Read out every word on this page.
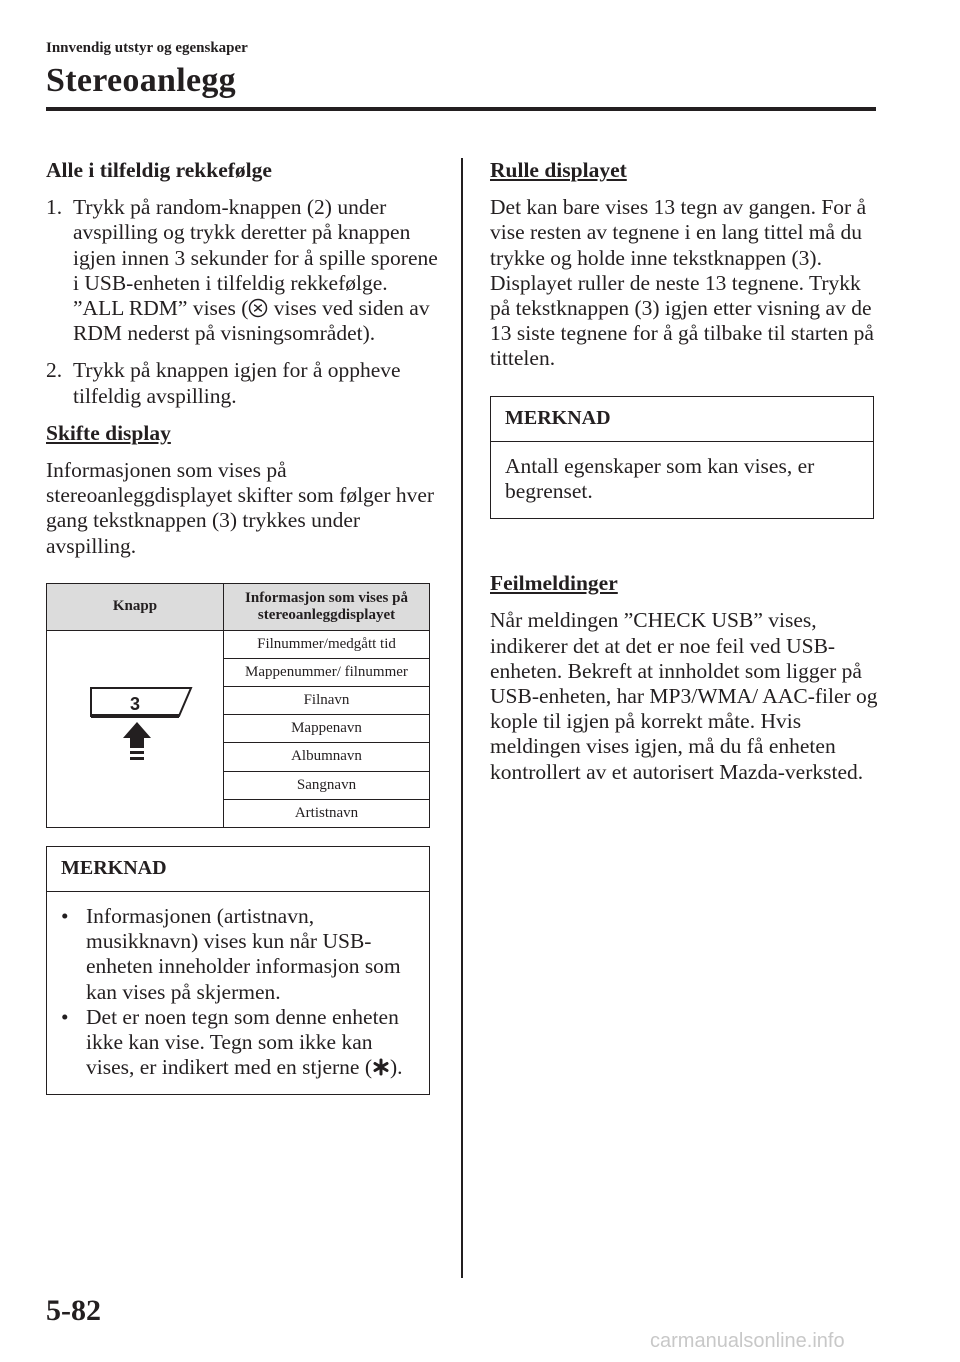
Innvendig utstyr og egenskaper
Stereoanlegg
Alle i tilfeldig rekkefølge
1. Trykk på random-knappen (2) under avspilling og trykk deretter på knappen igjen innen 3 sekunder for å spille sporene i USB-enheten i tilfeldig rekkefølge. ”ALL RDM” vises ( vises ved siden av RDM nederst på visningsområdet).
2. Trykk på knappen igjen for å oppheve tilfeldig avspilling.
Skifte display

Informasjonen som vises på stereoanleggdisplayet skifter som følger hver gang tekstknappen (3) trykkes under avspilling.

Knapp	Informasjon som vises på stereoanleggdisplayet

3	Filnummer/medgått tid
	Mappenummer/ filnummer
	Filnavn
	Mappenavn
	Albumnavn
	Sangnavn
	Artistnavn
MERKNAD
• Informasjonen (artistnavn, musikknavn) vises kun når USB-enheten inneholder informasjon som kan vises på skjermen.
• Det er noen tegn som denne enheten ikke kan vise. Tegn som ikke kan vises, er indikert med en stjerne ( ).
Rulle displayet

Det kan bare vises 13 tegn av gangen. For å vise resten av tegnene i en lang tittel må du trykke og holde inne tekstknappen (3). Displayet ruller de neste 13 tegnene. Trykk på tekstknappen (3) igjen etter visning av de 13 siste tegnene for å gå tilbake til starten på tittelen.

MERKNAD
Antall egenskaper som kan vises, er begrenset.
Feilmeldinger

Når meldingen ”CHECK USB” vises, indikerer det at det er noe feil ved USB-enheten. Bekreft at innholdet som ligger på USB-enheten, har MP3/WMA/ AAC-filer og kople til igjen på korrekt måte. Hvis meldingen vises igjen, må du få enheten kontrollert av et autorisert Mazda-verksted.

5-82
carmanualsonline.info
